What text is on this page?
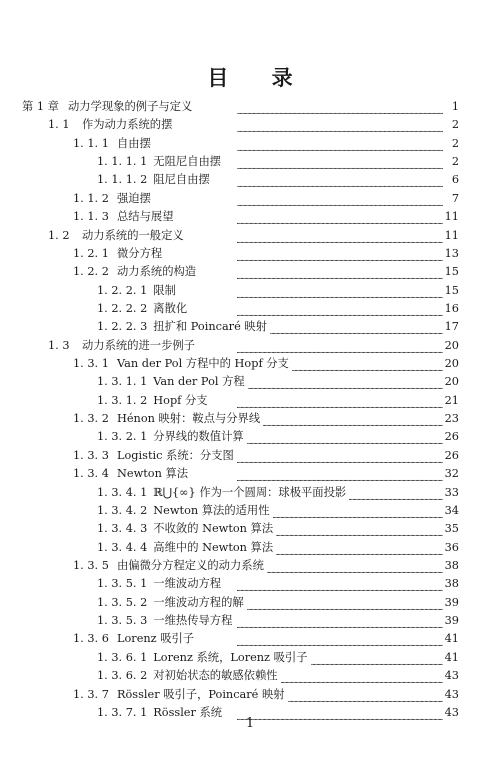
目 录
第 1 章 动力学现象的例子与定义 . . .	1
1. 1	作为动力系统的摆 . . .	2
1. 1. 1 自由摆 . . .	2
1. 1. 1. 1 无阻尼自由摆 . . .	2
1. 1. 1. 2 阻尼自由摆 . . .	6
1. 1. 2 强迫摆 . . .	7
1. 1. 3 总结与展望 . . .	11
1. 2	动力系统的一般定义 . . .	11
1. 2. 1 微分方程 . . .	13
1. 2. 2 动力系统的构造 . . .	15
1. 2. 2. 1 限制 . . .	15
1. 2. 2. 2 离散化 . . .	16
1. 2. 2. 3 扭扩和 Poincaré 映射 . . .	17
1. 3	动力系统的进一步例子 . . .	20
1. 3. 1 Van der Pol 方程中的 Hopf 分支 . . .	20
1. 3. 1. 1 Van der Pol 方程 . . .	20
1. 3. 1. 2 Hopf 分支 . . .	21
1. 3. 2 Hénon 映射：鞍点与分界线 . . .	23
1. 3. 2. 1 分界线的数值计算 . . .	26
1. 3. 3 Logistic 系统：分支图 . . .	26
1. 3. 4 Newton 算法 . . .	32
1. 3. 4. 1 ℝ⋃{∞} 作为一个圆周：球极平面投影 . . .	33
1. 3. 4. 2 Newton 算法的适用性 . . .	34
1. 3. 4. 3 不收敛的 Newton 算法 . . .	35
1. 3. 4. 4 高维中的 Newton 算法 . . .	36
1. 3. 5 由偏微分方程定义的动力系统 . . .	38
1. 3. 5. 1 一维波动方程 . . .	38
1. 3. 5. 2 一维波动方程的解 . . .	39
1. 3. 5. 3 一维热传导方程 . . .	39
1. 3. 6 Lorenz 吸引子 . . .	41
1. 3. 6. 1 Lorenz 系统，Lorenz 吸引子 . . .	41
1. 3. 6. 2 对初始状态的敏感依赖性 . . .	43
1. 3. 7 Rössler 吸引子，Poincaré 映射 . . .	43
1. 3. 7. 1 Rössler 系统 . . .	43
1
